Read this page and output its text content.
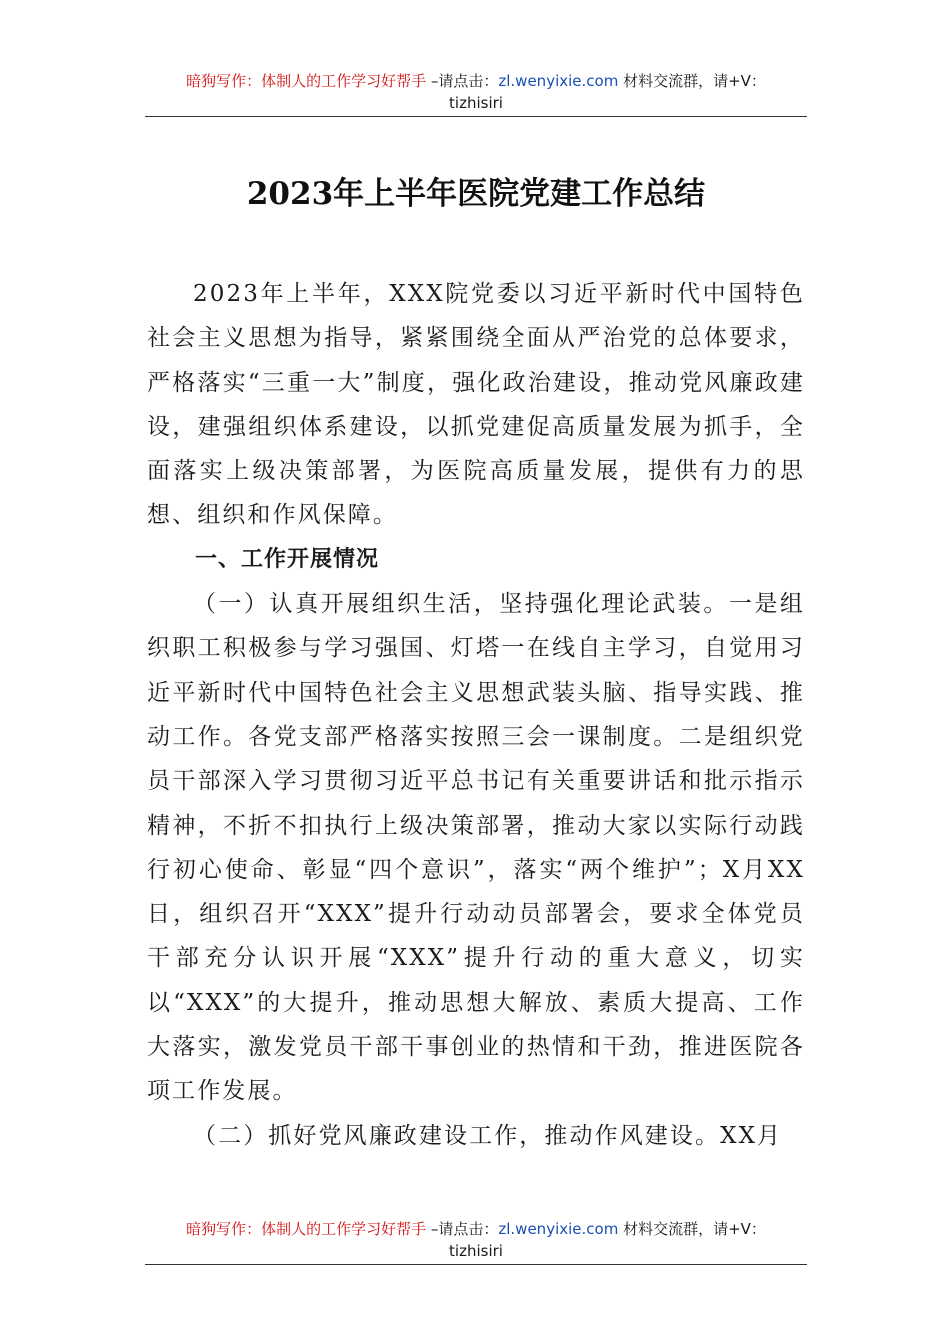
暗狗写作：体制人的工作学习好帮手 –请点击：zl.wenyixie.com 材料交流群，请+V：
tizhisiri
2023年上半年医院党建工作总结

2023年上半年，XXX院党委以习近平新时代中国特色社会主义思想为指导，紧紧围绕全面从严治党的总体要求，严格落实“三重一大”制度，强化政治建设，推动党风廉政建设，建强组织体系建设，以抓党建促高质量发展为抓手，全面落实上级决策部署，为医院高质量发展，提供有力的思想、组织和作风保障。

一、工作开展情况

（一）认真开展组织生活，坚持强化理论武装。一是组织职工积极参与学习强国、灯塔一在线自主学习，自觉用习近平新时代中国特色社会主义思想武装头脑、指导实践、推动工作。各党支部严格落实按照三会一课制度。二是组织党员干部深入学习贯彻习近平总书记有关重要讲话和批示指示精神，不折不扣执行上级决策部署，推动大家以实际行动践行初心使命、彰显“四个意识”，落实“两个维护”；X月XX日，组织召开“XXX”提升行动动员部署会，要求全体党员干部充分认识开展“XXX”提升行动的重大意义，切实以“XXX”的大提升，推动思想大解放、素质大提高、工作大落实，激发党员干部干事创业的热情和干劲，推进医院各项工作发展。

（二）抓好党风廉政建设工作，推动作风建设。XX月

暗狗写作：体制人的工作学习好帮手 –请点击：zl.wenyixie.com 材料交流群，请+V：
tizhisiri
